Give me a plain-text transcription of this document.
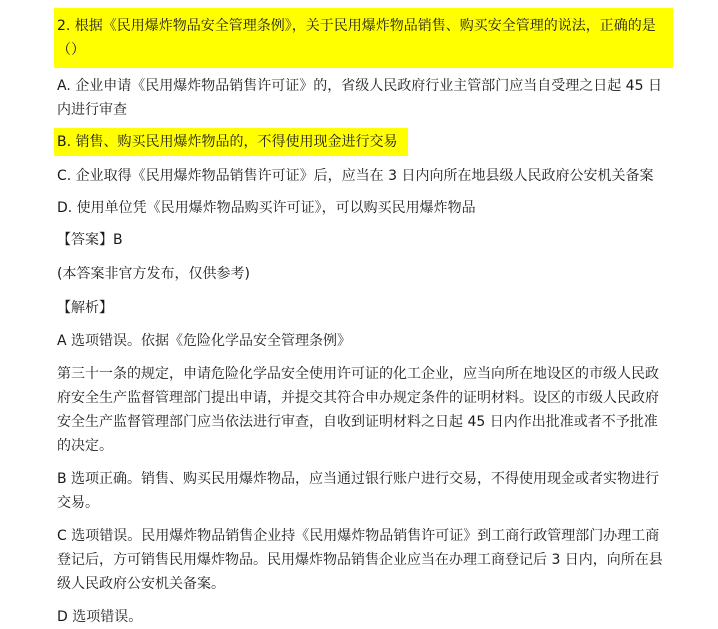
2. 根据《民用爆炸物品安全管理条例》，关于民用爆炸物品销售、购买安全管理的说法，正确的是（）
A. 企业申请《民用爆炸物品销售许可证》的，省级人民政府行业主管部门应当自受理之日起 45 日内进行审查
B. 销售、购买民用爆炸物品的，不得使用现金进行交易
C. 企业取得《民用爆炸物品销售许可证》后，应当在 3 日内向所在地县级人民政府公安机关备案
D. 使用单位凭《民用爆炸物品购买许可证》，可以购买民用爆炸物品
【答案】B
(本答案非官方发布，仅供参考)
【解析】
A 选项错误。依据《危险化学品安全管理条例》
第三十一条的规定，申请危险化学品安全使用许可证的化工企业，应当向所在地设区的市级人民政府安全生产监督管理部门提出申请，并提交其符合申办规定条件的证明材料。设区的市级人民政府安全生产监督管理部门应当依法进行审查，自收到证明材料之日起 45 日内作出批准或者不予批准的决定。
B 选项正确。销售、购买民用爆炸物品，应当通过银行账户进行交易，不得使用现金或者实物进行交易。
C 选项错误。民用爆炸物品销售企业持《民用爆炸物品销售许可证》到工商行政管理部门办理工商登记后，方可销售民用爆炸物品。民用爆炸物品销售企业应当在办理工商登记后 3 日内，向所在县级人民政府公安机关备案。
D 选项错误。
